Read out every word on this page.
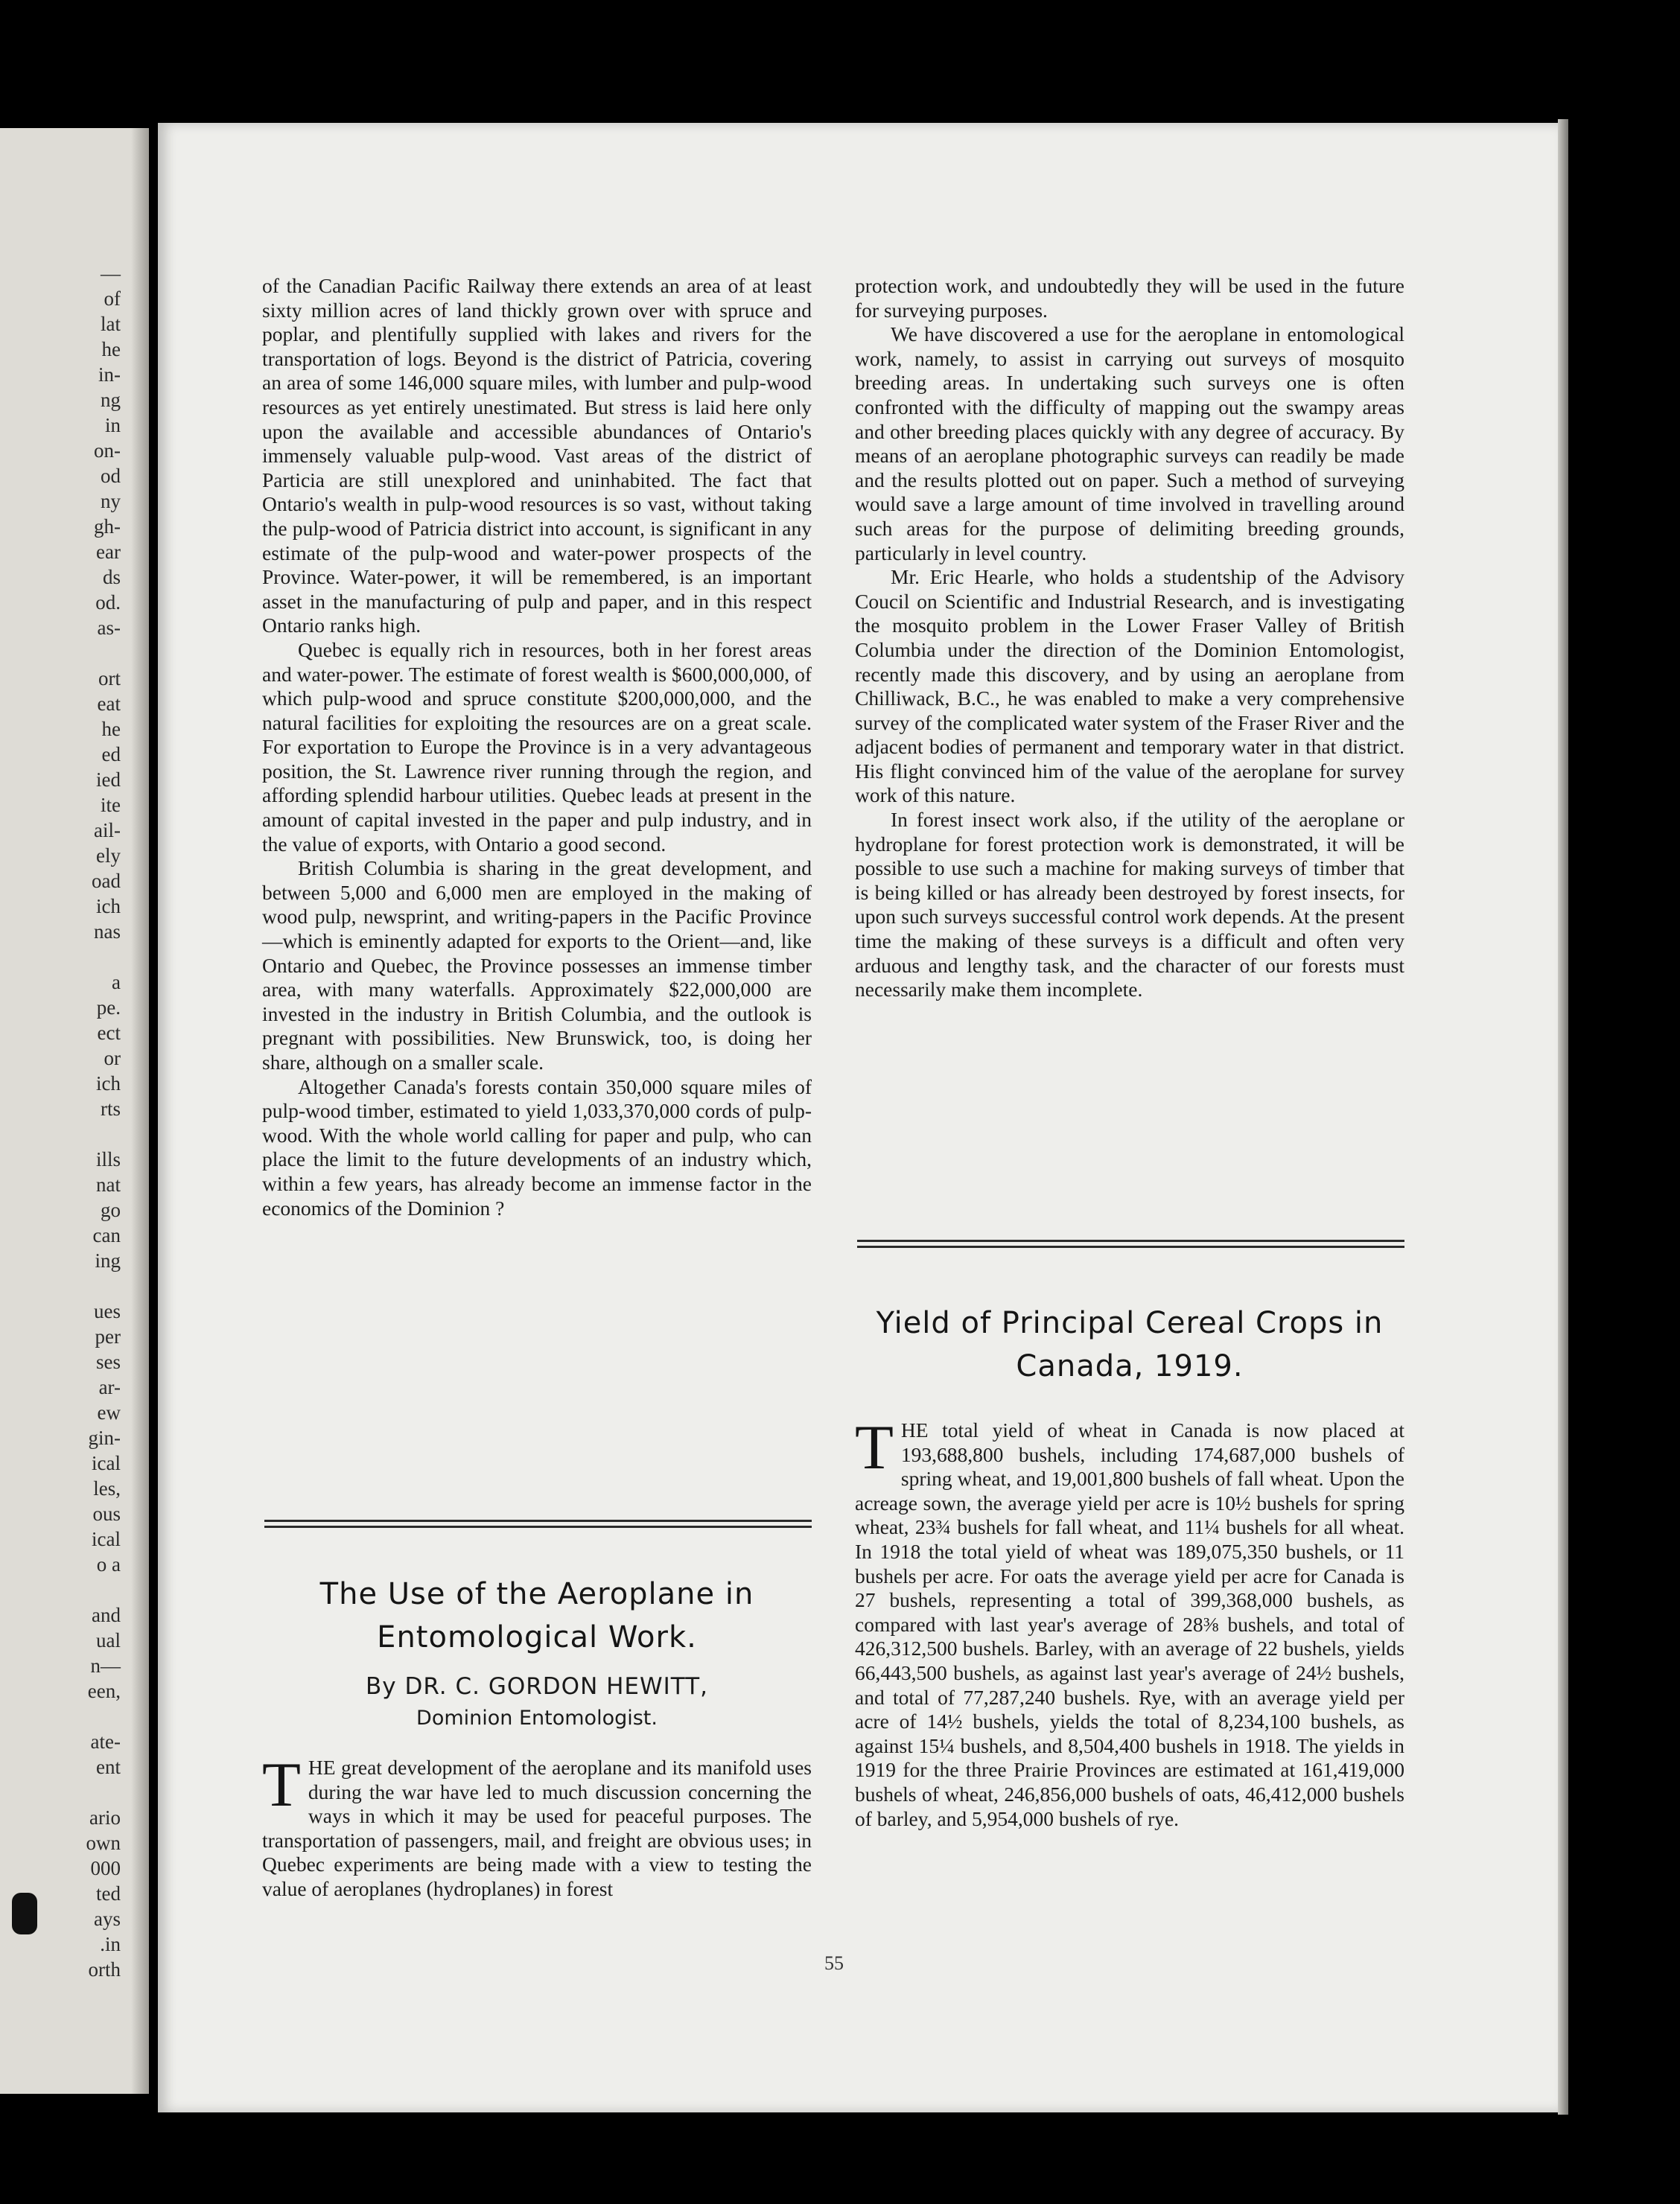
—
of
lat
he
in-
ng
in
on-
od
ny
gh-
ear
ds
od.
as-

ort
eat
he
ed
ied
ite
ail-
ely
oad
ich
nas

a
pe.
ect
or
ich
rts

ills
nat
go
can
ing

ues
per
ses
ar-
ew
gin-
ical
les,
ous
ical
o a

and
ual
n—
een,

ate-
ent

ario
own
000
ted
ays
.in
orth

of the Canadian Pacific Railway there extends an area of at least sixty million acres of land thickly grown over with spruce and poplar, and plentifully supplied with lakes and rivers for the transportation of logs. Beyond is the district of Patricia, covering an area of some 146,000 square miles, with lumber and pulp-wood resources as yet entirely unestimated. But stress is laid here only upon the available and accessible abundances of Ontario's immensely valuable pulp-wood. Vast areas of the district of Particia are still unexplored and uninhabited. The fact that Ontario's wealth in pulp-wood resources is so vast, without taking the pulp-wood of Patricia district into account, is significant in any estimate of the pulp-wood and water-power prospects of the Province. Water-power, it will be remembered, is an important asset in the manufacturing of pulp and paper, and in this respect Ontario ranks high.

Quebec is equally rich in resources, both in her forest areas and water-power. The estimate of forest wealth is $600,000,000, of which pulp-wood and spruce constitute $200,000,000, and the natural facilities for exploiting the resources are on a great scale. For exportation to Europe the Province is in a very advantageous position, the St. Lawrence river running through the region, and affording splendid harbour utilities. Quebec leads at present in the amount of capital invested in the paper and pulp industry, and in the value of exports, with Ontario a good second.

British Columbia is sharing in the great development, and between 5,000 and 6,000 men are employed in the making of wood pulp, newsprint, and writing-papers in the Pacific Province—which is eminently adapted for exports to the Orient—and, like Ontario and Quebec, the Province possesses an immense timber area, with many waterfalls. Approximately $22,000,000 are invested in the industry in British Columbia, and the outlook is pregnant with possibilities. New Brunswick, too, is doing her share, although on a smaller scale.

Altogether Canada's forests contain 350,000 square miles of pulp-wood timber, estimated to yield 1,033,370,000 cords of pulp-wood. With the whole world calling for paper and pulp, who can place the limit to the future developments of an industry which, within a few years, has already become an immense factor in the economics of the Dominion ?

The Use of the Aeroplane in Entomological Work.
By DR. C. GORDON HEWITT,
Dominion Entomologist.

THE great development of the aeroplane and its manifold uses during the war have led to much discussion concerning the ways in which it may be used for peaceful purposes. The transportation of passengers, mail, and freight are obvious uses; in Quebec experiments are being made with a view to testing the value of aeroplanes (hydroplanes) in forest

protection work, and undoubtedly they will be used in the future for surveying purposes.

We have discovered a use for the aeroplane in entomological work, namely, to assist in carrying out surveys of mosquito breeding areas. In undertaking such surveys one is often confronted with the difficulty of mapping out the swampy areas and other breeding places quickly with any degree of accuracy. By means of an aeroplane photographic surveys can readily be made and the results plotted out on paper. Such a method of surveying would save a large amount of time involved in travelling around such areas for the purpose of delimiting breeding grounds, particularly in level country.

Mr. Eric Hearle, who holds a studentship of the Advisory Coucil on Scientific and Industrial Research, and is investigating the mosquito problem in the Lower Fraser Valley of British Columbia under the direction of the Dominion Entomologist, recently made this discovery, and by using an aeroplane from Chilliwack, B.C., he was enabled to make a very comprehensive survey of the complicated water system of the Fraser River and the adjacent bodies of permanent and temporary water in that district. His flight convinced him of the value of the aeroplane for survey work of this nature.

In forest insect work also, if the utility of the aeroplane or hydroplane for forest protection work is demonstrated, it will be possible to use such a machine for making surveys of timber that is being killed or has already been destroyed by forest insects, for upon such surveys successful control work depends. At the present time the making of these surveys is a difficult and often very arduous and lengthy task, and the character of our forests must necessarily make them incomplete.

Yield of Principal Cereal Crops in Canada, 1919.

THE total yield of wheat in Canada is now placed at 193,688,800 bushels, including 174,687,000 bushels of spring wheat, and 19,001,800 bushels of fall wheat. Upon the acreage sown, the average yield per acre is 10½ bushels for spring wheat, 23¾ bushels for fall wheat, and 11¼ bushels for all wheat. In 1918 the total yield of wheat was 189,075,350 bushels, or 11 bushels per acre. For oats the average yield per acre for Canada is 27 bushels, representing a total of 399,368,000 bushels, as compared with last year's average of 28⅜ bushels, and total of 426,312,500 bushels. Barley, with an average of 22 bushels, yields 66,443,500 bushels, as against last year's average of 24½ bushels, and total of 77,287,240 bushels. Rye, with an average yield per acre of 14½ bushels, yields the total of 8,234,100 bushels, as against 15¼ bushels, and 8,504,400 bushels in 1918. The yields in 1919 for the three Prairie Provinces are estimated at 161,419,000 bushels of wheat, 246,856,000 bushels of oats, 46,412,000 bushels of barley, and 5,954,000 bushels of rye.

55
